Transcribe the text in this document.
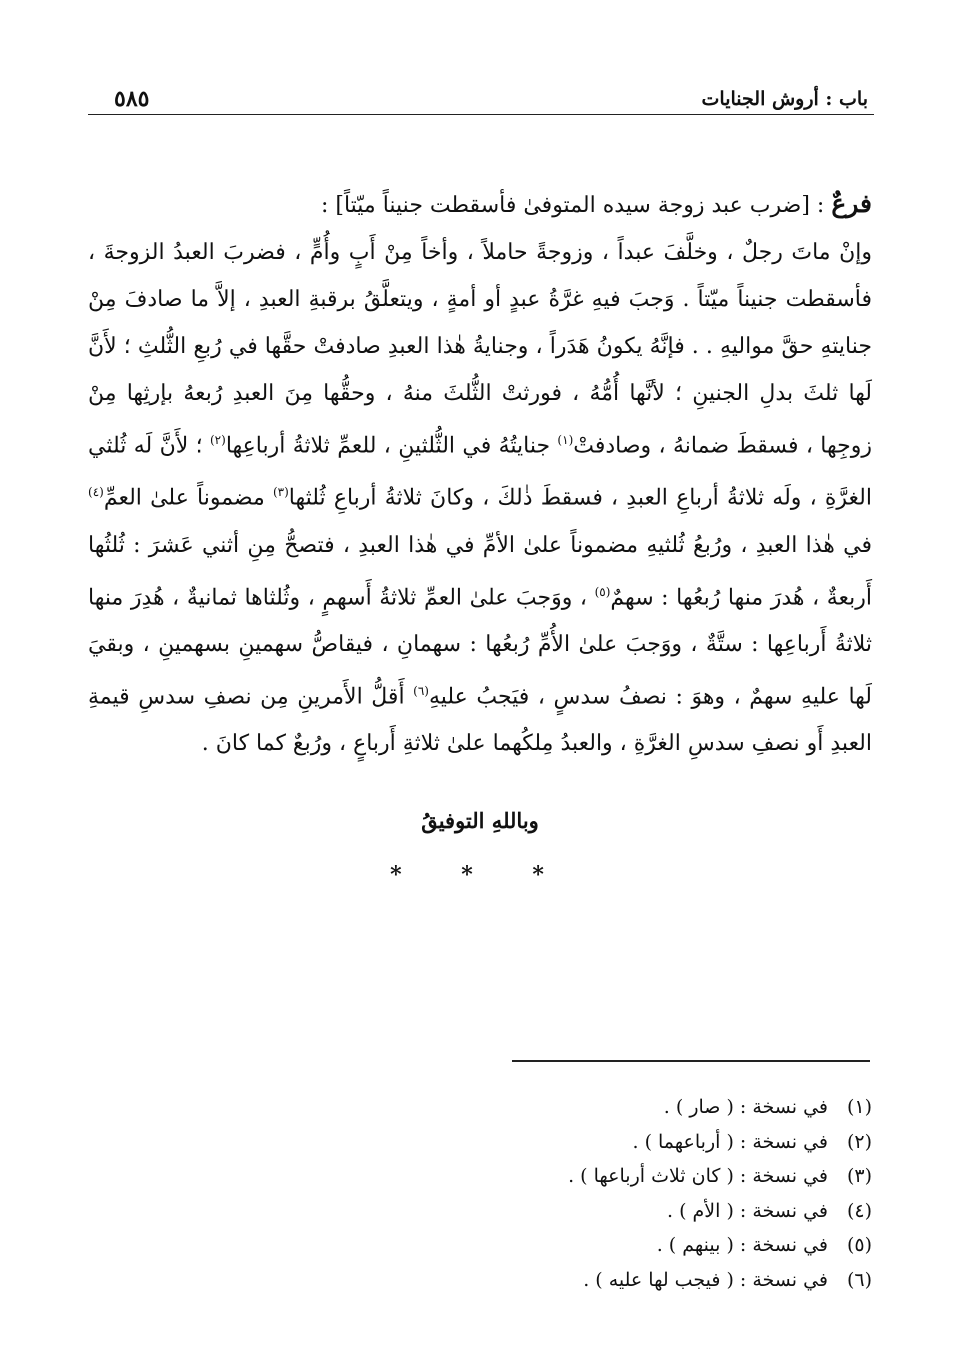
باب : أروش الجنايات
٥٨٥
فرعٌ : [ضرب عبد زوجة سيده المتوفىٰ فأسقطت جنيناً ميّتاً] :
وإنْ ماتَ رجلٌ ، وخلَّفَ عبداً ، وزوجةً حاملاً ، وأخاً مِنْ أَبٍ وأُمٍّ ، فضربَ العبدُ الزوجةَ ، فأسقطت جنيناً ميّتاً . وَجبَ فيهِ غرَّةُ عبدٍ أو أمةٍ ، ويتعلَّقُ برقبةِ العبدِ ، إلاَّ ما صادفَ مِنْ جنايتهِ حقَّ مواليهِ . . فإنَّهُ يكونُ هَدَراً ، وجنايةُ هٰذا العبدِ صادفتْ حقَّها في رُبعِ الثُّلثِ ؛ لأَنَّ لَها ثلثَ بدلِ الجنينِ ؛ لأنَّها أُمُّهُ ، فورثتْ الثُّلثَ منهُ ، وحقُّها مِنَ العبدِ رُبعهُ بإرثِها مِنْ زوجِها ، فسقطَ ضمانهُ ، وصادفتْ$^{(١)}$ جنايتُهُ في الثُّلثينِ ، للعمِّ ثلاثةُ أرباعِها$^{(٢)}$ ؛ لأَنَّ لَه ثُلثي الغرَّةِ ، ولَه ثلاثةُ أرباعِ العبدِ ، فسقطَ ذٰلكَ ، وكانَ ثلاثةُ أرباعِ ثُلثها$^{(٣)}$ مضموناً علىٰ العمِّ$^{(٤)}$ في هٰذا العبدِ ، ورُبعُ ثُلثيهِ مضموناً علىٰ الأمِّ في هٰذا العبدِ ، فتصحُّ مِنِ أثني عَشرَ : ثُلثُها أَربعةٌ ، هُدرَ منها رُبعُها : سهمٌ$^{(٥)}$ ، ووَجبَ علىٰ العمِّ ثلاثةُ أَسهمٍ ، وثُلثاها ثمانيةٌ ، هُدِرَ منها ثلاثةُ أَرباعِها : ستَّةٌ ، ووَجبَ علىٰ الأُمِّ رُبعُها : سهمانِ ، فيقاصُّ سهمينِ بسهمينِ ، وبقيَ لَها عليهِ سهمٌ ، وهوَ : نصفُ سدسٍ ، فيَجبُ عليهِ$^{(٦)}$ أَقلُّ الأَمرينِ مِن نصفِ سدسِ قيمةِ العبدِ أَو نصفِ سدسِ الغرَّةِ ، والعبدُ مِلكُهما علىٰ ثلاثةِ أَرباعٍ ، ورُبعٌ كما كانَ .
وباللهِ التوفيقُ
* * *
(١)في نسخة : ( صار ) .
(٢)في نسخة : ( أرباعهما ) .
(٣)في نسخة : ( كان ثلاث أرباعها ) .
(٤)في نسخة : ( الأم ) .
(٥)في نسخة : ( بينهم ) .
(٦)في نسخة : ( فيجب لها عليه ) .
